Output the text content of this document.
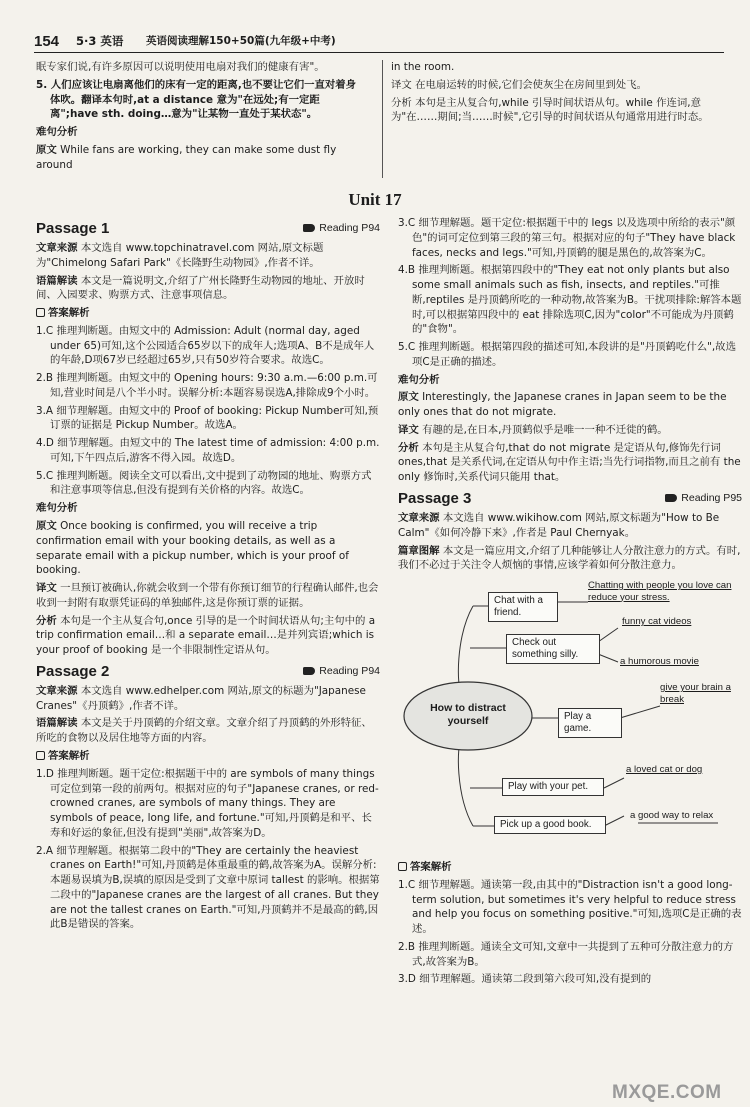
154 5·3 英语 英语阅读理解150+50篇(九年级+中考)

眠专家们说,有许多原因可以说明使用电扇对我们的健康有害"。

5. 人们应该让电扇离他们的床有一定的距离,也不要让它们一直对着身体吹。翻译本句时,at a distance 意为"在远处;有一定距离";have sth. doing…意为"让某物一直处于某状态"。

难句分析

原文 While fans are working, they can make some dust fly around

in the room.

译文 在电扇运转的时候,它们会使灰尘在房间里到处飞。

分析 本句是主从复合句,while 引导时间状语从句。while 作连词,意为"在……期间;当……时候",它引导的时间状语从句通常用进行时态。

Unit 17
Passage 1	Reading P94

文章来源 本文选自 www.topchinatravel.com 网站,原文标题为"Chimelong Safari Park"《长隆野生动物园》,作者不详。

语篇解读 本文是一篇说明文,介绍了广州长隆野生动物园的地址、开放时间、入园要求、购票方式、注意事项信息。

答案解析

1.C 推理判断题。由短文中的 Admission: Adult (normal day, aged under 65)可知,这个公园适合65岁以下的成年人;选项A、B不是成年人的年龄,D项67岁已经超过65岁,只有50岁符合要求。故选C。

2.B 推理判断题。由短文中的 Opening hours: 9:30 a.m.—6:00 p.m.可知,营业时间是八个半小时。误解分析:本题容易误选A,排除成9个小时。

3.A 细节理解题。由短文中的 Proof of booking: Pickup Number可知,预订票的证据是 Pickup Number。故选A。

4.D 细节理解题。由短文中的 The latest time of admission: 4:00 p.m.可知,下午四点后,游客不得入园。故选D。

5.C 推理判断题。阅读全文可以看出,文中提到了动物园的地址、购票方式和注意事项等信息,但没有提到有关价格的内容。故选C。

难句分析

原文 Once booking is confirmed, you will receive a trip confirmation email with your booking details, as well as a separate email with a pickup number, which is your proof of booking.

译文 一旦预订被确认,你就会收到一个带有你预订细节的行程确认邮件,也会收到一封附有取票凭证码的单独邮件,这是你预订票的证据。

分析 本句是一个主从复合句,once 引导的是一个时间状语从句;主句中的 a trip confirmation email…和 a separate email…是并列宾语;which is your proof of booking 是一个非限制性定语从句。

Passage 2	Reading P94

文章来源 本文选自 www.edhelper.com 网站,原文的标题为"Japanese Cranes"《丹顶鹤》,作者不详。

语篇解读 本文是关于丹顶鹤的介绍文章。文章介绍了丹顶鹤的外形特征、所吃的食物以及居住地等方面的内容。

答案解析

1.D 推理判断题。题干定位:根据题干中的 are symbols of many things 可定位到第一段的前两句。根据对应的句子"Japanese cranes, or red-crowned cranes, are symbols of many things. They are symbols of peace, long life, and fortune."可知,丹顶鹤是和平、长寿和好运的象征,但没有提到"美丽",故答案为D。

2.A 细节理解题。根据第二段中的"They are certainly the heaviest cranes on Earth!"可知,丹顶鹤是体重最重的鹤,故答案为A。误解分析:本题易误填为B,误填的原因是受到了文章中原词 tallest 的影响。根据第二段中的"Japanese cranes are the largest of all cranes. But they are not the tallest cranes on Earth."可知,丹顶鹤并不是最高的鹤,因此B是错误的答案。

3.C 细节理解题。题干定位:根据题干中的 legs 以及选项中所给的表示"颜色"的词可定位到第三段的第三句。根据对应的句子"They have black faces, necks and legs."可知,丹顶鹤的腿是黑色的,故答案为C。

4.B 推理判断题。根据第四段中的"They eat not only plants but also some small animals such as fish, insects, and reptiles."可推断,reptiles 是丹顶鹤所吃的一种动物,故答案为B。干扰项排除:解答本题时,可以根据第四段中的 eat 排除选项C,因为"color"不可能成为丹顶鹤的"食物"。

5.C 推理判断题。根据第四段的描述可知,本段讲的是"丹顶鹤吃什么",故选项C是正确的描述。

难句分析

原文 Interestingly, the Japanese cranes in Japan seem to be the only ones that do not migrate.

译文 有趣的是,在日本,丹顶鹤似乎是唯一一种不迁徙的鹤。

分析 本句是主从复合句,that do not migrate 是定语从句,修饰先行词 ones,that 是关系代词,在定语从句中作主语;当先行词指物,而且之前有 the only 修饰时,关系代词只能用 that。

Passage 3	Reading P95

文章来源 本文选自 www.wikihow.com 网站,原文标题为"How to Be Calm"《如何冷静下来》,作者是 Paul Chernyak。

篇章图解 本文是一篇应用文,介绍了几种能够让人分散注意力的方式。有时,我们不必过于关注令人烦恼的事情,应该学着如何分散注意力。

How to distract yourself
Chat with a friend.
Chatting with people you love can reduce your stress.
Check out something silly.
funny cat videos
a humorous movie
Play a game.
give your brain a break
Play with your pet.
a loved cat or dog
Pick up a good book.
a good way to relax

答案解析

1.C 细节理解题。通读第一段,由其中的"Distraction isn't a good long-term solution, but sometimes it's very helpful to reduce stress and help you focus on something positive."可知,选项C是正确的表述。

2.B 推理判断题。通读全文可知,文章中一共提到了五种可分散注意力的方式,故答案为B。

3.D 细节理解题。通读第二段到第六段可知,没有提到的

MXQE.COM
